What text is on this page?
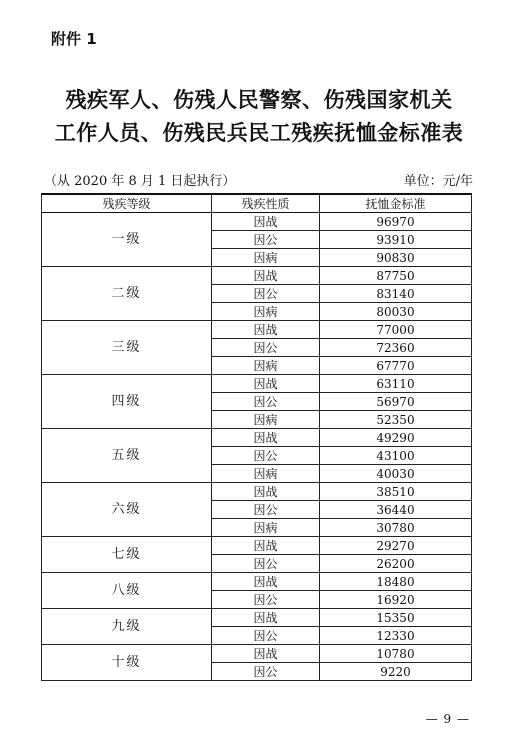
附件 1
残疾军人、伤残人民警察、伤残国家机关
工作人员、伤残民兵民工残疾抚恤金标准表
（从 2020 年 8 月 1 日起执行）	单位：元/年
残疾等级	残疾性质	抚恤金标准
一级	因战	96970
	因公	93910
	因病	90830
二级	因战	87750
	因公	83140
	因病	80030
三级	因战	77000
	因公	72360
	因病	67770
四级	因战	63110
	因公	56970
	因病	52350
五级	因战	49290
	因公	43100
	因病	40030
六级	因战	38510
	因公	36440
	因病	30780
七级	因战	29270
	因公	26200
八级	因战	18480
	因公	16920
九级	因战	15350
	因公	12330
十级	因战	10780
	因公	9220
— 9 —
